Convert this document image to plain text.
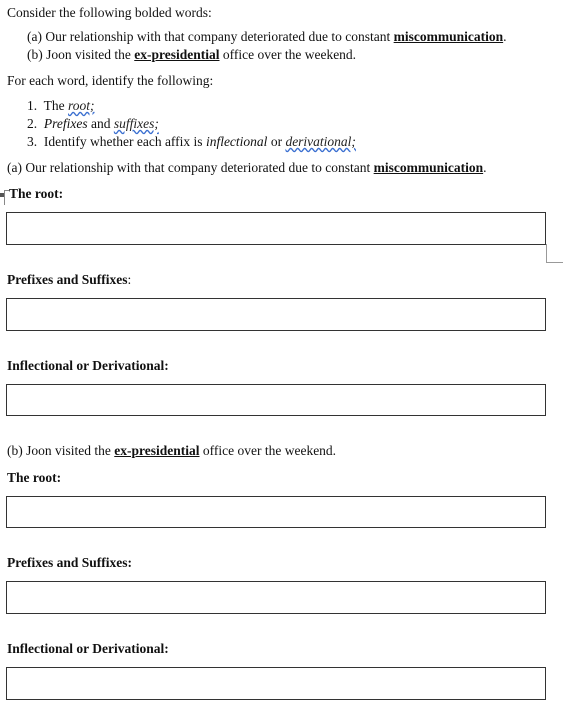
Consider the following bolded words:
(a) Our relationship with that company deteriorated due to constant miscommunication.
(b) Joon visited the ex-presidential office over the weekend.
For each word, identify the following:
1. The root;
2. Prefixes and suffixes;
3. Identify whether each affix is inflectional or derivational;
(a) Our relationship with that company deteriorated due to constant miscommunication.
The root:
Prefixes and Suffixes:
Inflectional or Derivational:
(b) Joon visited the ex-presidential office over the weekend.
The root:
Prefixes and Suffixes:
Inflectional or Derivational:
